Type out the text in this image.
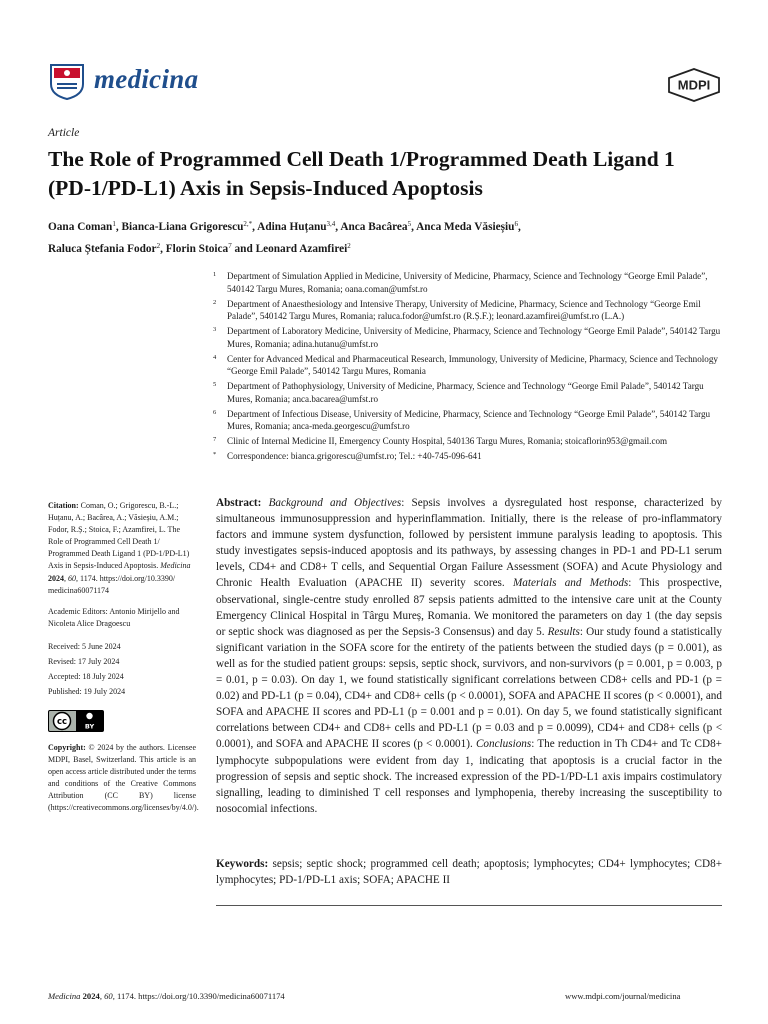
medicina	MDPI
Article
The Role of Programmed Cell Death 1/Programmed Death Ligand 1 (PD-1/PD-L1) Axis in Sepsis-Induced Apoptosis
Oana Coman$^1$, Bianca-Liana Grigorescu$^{2,*}$, Adina Huțanu$^{3,4}$, Anca Bacârea$^5$, Anca Meda Văsieșiu$^6$,
Raluca Ștefania Fodor$^2$, Florin Stoica$^7$ and Leonard Azamfirei$^2$
1 Department of Simulation Applied in Medicine, University of Medicine, Pharmacy, Science and Technology “George Emil Palade”, 540142 Targu Mures, Romania; oana.coman@umfst.ro
2 Department of Anaesthesiology and Intensive Therapy, University of Medicine, Pharmacy, Science and Technology “George Emil Palade”, 540142 Targu Mures, Romania; raluca.fodor@umfst.ro (R.Ș.F.); leonard.azamfirei@umfst.ro (L.A.)
3 Department of Laboratory Medicine, University of Medicine, Pharmacy, Science and Technology “George Emil Palade”, 540142 Targu Mures, Romania; adina.hutanu@umfst.ro
4 Center for Advanced Medical and Pharmaceutical Research, Immunology, University of Medicine, Pharmacy, Science and Technology “George Emil Palade”, 540142 Targu Mures, Romania
5 Department of Pathophysiology, University of Medicine, Pharmacy, Science and Technology “George Emil Palade”, 540142 Targu Mures, Romania; anca.bacarea@umfst.ro
6 Department of Infectious Disease, University of Medicine, Pharmacy, Science and Technology “George Emil Palade”, 540142 Targu Mures, Romania; anca-meda.georgescu@umfst.ro
7 Clinic of Internal Medicine II, Emergency County Hospital, 540136 Targu Mures, Romania; stoicaflorin953@gmail.com
* Correspondence: bianca.grigorescu@umfst.ro; Tel.: +40-745-096-641
Citation: Coman, O.; Grigorescu, B.-L.; Huțanu, A.; Bacârea, A.; Văsieșiu, A.M.; Fodor, R.Ș.; Stoica, F.; Azamfirei, L. The Role of Programmed Cell Death 1/ Programmed Death Ligand 1 (PD-1/PD-L1) Axis in Sepsis-Induced Apoptosis. Medicina 2024, 60, 1174. https://doi.org/10.3390/ medicina60071174
Academic Editors: Antonio Mirijello and Nicoleta Alice Dragoescu
Received: 5 June 2024
Revised: 17 July 2024
Accepted: 18 July 2024
Published: 19 July 2024
cc	BY
Copyright: © 2024 by the authors. Licensee MDPI, Basel, Switzerland. This article is an open access article distributed under the terms and conditions of the Creative Commons Attribution (CC BY) license (https://creativecommons.org/licenses/by/4.0/).
Abstract: Background and Objectives: Sepsis involves a dysregulated host response, characterized by simultaneous immunosuppression and hyperinflammation. Initially, there is the release of pro-inflammatory factors and immune system dysfunction, followed by persistent immune paralysis leading to apoptosis. This study investigates sepsis-induced apoptosis and its pathways, by assessing changes in PD-1 and PD-L1 serum levels, CD4+ and CD8+ T cells, and Sequential Organ Failure Assessment (SOFA) and Acute Physiology and Chronic Health Evaluation (APACHE II) severity scores. Materials and Methods: This prospective, observational, single-centre study enrolled 87 sepsis patients admitted to the intensive care unit at the County Emergency Clinical Hospital in Târgu Mureș, Romania. We monitored the parameters on day 1 (the day sepsis or septic shock was diagnosed as per the Sepsis-3 Consensus) and day 5. Results: Our study found a statistically significant variation in the SOFA score for the entirety of the patients between the studied days (p = 0.001), as well as for the studied patient groups: sepsis, septic shock, survivors, and non-survivors (p = 0.001, p = 0.003, p = 0.01, p = 0.03). On day 1, we found statistically significant correlations between CD8+ cells and PD-1 (p = 0.02) and PD-L1 (p = 0.04), CD4+ and CD8+ cells (p < 0.0001), SOFA and APACHE II scores (p < 0.0001), and SOFA and APACHE II scores and PD-L1 (p = 0.001 and p = 0.01). On day 5, we found statistically significant correlations between CD4+ and CD8+ cells and PD-L1 (p = 0.03 and p = 0.0099), CD4+ and CD8+ cells (p < 0.0001), and SOFA and APACHE II scores (p < 0.0001). Conclusions: The reduction in Th CD4+ and Tc CD8+ lymphocyte subpopulations were evident from day 1, indicating that apoptosis is a crucial factor in the progression of sepsis and septic shock. The increased expression of the PD-1/PD-L1 axis impairs costimulatory signalling, leading to diminished T cell responses and lymphopenia, thereby increasing the susceptibility to nosocomial infections.
Keywords: sepsis; septic shock; programmed cell death; apoptosis; lymphocytes; CD4+ lymphocytes; CD8+ lymphocytes; PD-1/PD-L1 axis; SOFA; APACHE II
Medicina 2024, 60, 1174. https://doi.org/10.3390/medicina60071174	www.mdpi.com/journal/medicina
